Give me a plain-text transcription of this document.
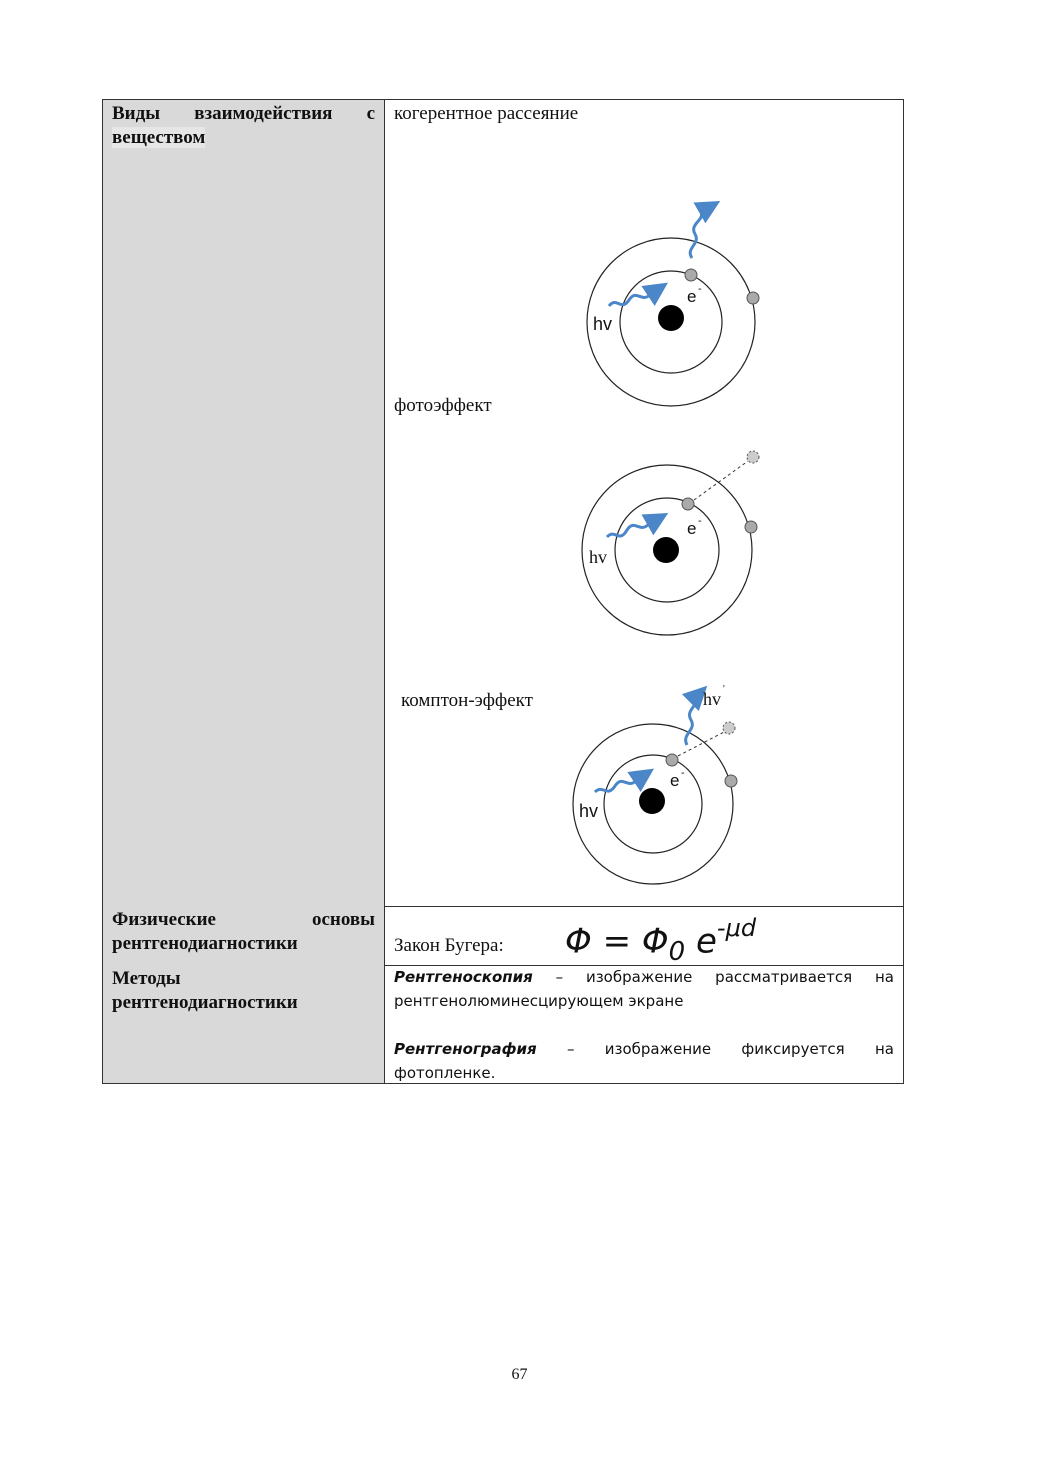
Виды взаимодействия с
веществом
когерентное рассеяние
фотоэффект
комптон-эффект
hv
e -
hv
e -
hv '
hv
e -
Физические основы
рентгенодиагностики	Закон Бугера: $\Phi = \Phi_0$ $e^{-\mu d}$
Методы
рентгенодиагностики
Рентгеноскопия – изображение рассматривается на
рентгенолюминесцирующем экране
Рентгенография – изображение фиксируется на
фотопленке.
67
